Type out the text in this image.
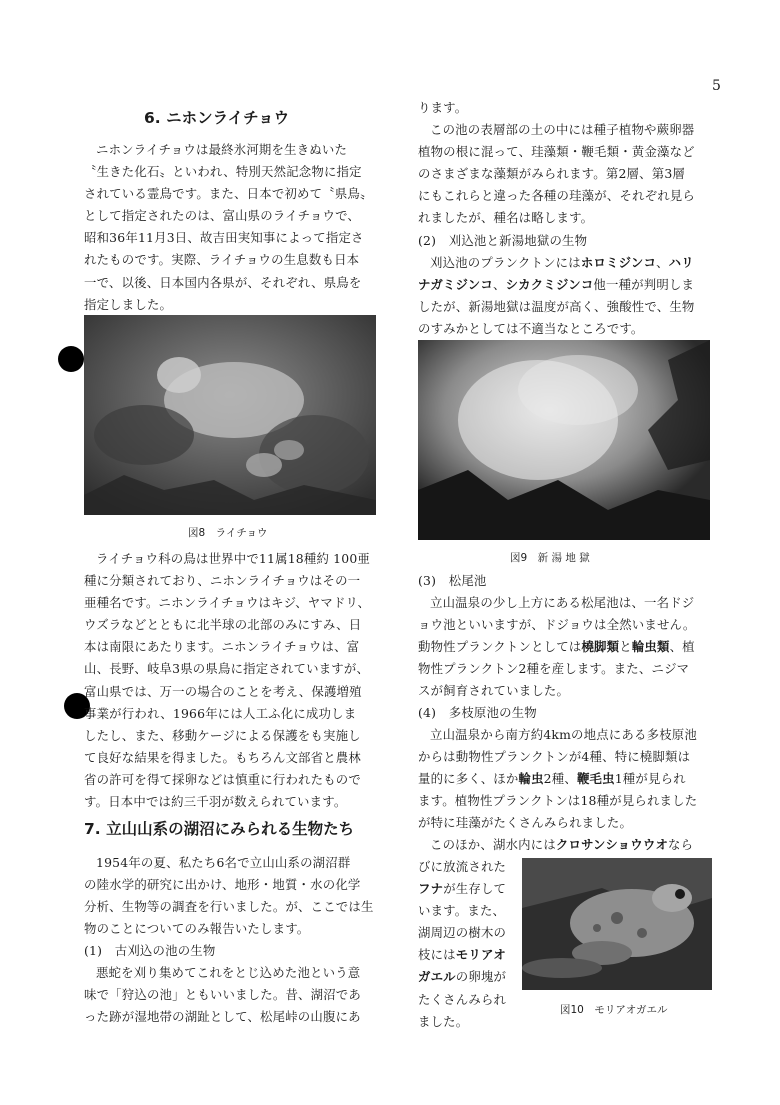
5
6. ニホンライチョウ
ニホンライチョウは最終氷河期を生きぬいた
〝生きた化石〟といわれ、特別天然記念物に指定
されている霊鳥です。また、日本で初めて〝県鳥〟
として指定されたのは、富山県のライチョウで、
昭和36年11月3日、故吉田実知事によって指定さ
れたものです。実際、ライチョウの生息数も日本
一で、以後、日本国内各県が、それぞれ、県鳥を
指定しました。
図8　ライチョウ
ライチョウ科の鳥は世界中で11属18種約 100亜
種に分類されており、ニホンライチョウはその一
亜種名です。ニホンライチョウはキジ、ヤマドリ、
ウズラなどとともに北半球の北部のみにすみ、日
本は南限にあたります。ニホンライチョウは、富
山、長野、岐阜3県の県鳥に指定されていますが、
富山県では、万一の場合のことを考え、保護増殖
事業が行われ、1966年には人工ふ化に成功しま
したし、また、移動ケージによる保護をも実施し
て良好な結果を得ました。もちろん文部省と農林
省の許可を得て採卵などは慎重に行われたもので
す。日本中では約三千羽が数えられています。
7. 立山山系の湖沼にみられる生物たち
1954年の夏、私たち6名で立山山系の湖沼群
の陸水学的研究に出かけ、地形・地質・水の化学
分析、生物等の調査を行いました。が、ここでは生
物のことについてのみ報告いたします。
(1)　古刈込の池の生物
悪蛇を刈り集めてこれをとじ込めた池という意
味で「狩込の池」ともいいました。昔、湖沼であ
った跡が湿地帯の湖趾として、松尾峠の山腹にあ
ります。
この池の表層部の土の中には種子植物や蕨卵器
植物の根に混って、珪藻類・鞭毛類・黄金藻など
のさまざまな藻類がみられます。第2層、第3層
にもこれらと違った各種の珪藻が、それぞれ見ら
れましたが、種名は略します。
(2)　刈込池と新湯地獄の生物
刈込池のプランクトンにはホロミジンコ、ハリ
ナガミジンコ、シカクミジンコ他一種が判明しま
したが、新湯地獄は温度が高く、強酸性で、生物
のすみかとしては不適当なところです。
図9　新 湯 地 獄
(3)　松尾池
立山温泉の少し上方にある松尾池は、一名ドジ
ョウ池といいますが、ドジョウは全然いません。
動物性プランクトンとしては橈脚類と輪虫類、植
物性プランクトン2種を産します。また、ニジマ
スが飼育されていました。
(4)　多枝原池の生物
立山温泉から南方約4kmの地点にある多枝原池
からは動物性プランクトンが4種、特に橈脚類は
量的に多く、ほか輪虫2種、鞭毛虫1種が見られ
ます。植物性プランクトンは18種が見られました
が特に珪藻がたくさんみられました。
このほか、湖水内にはクロサンショウウオなら
びに放流された
フナが生存して
います。また、
湖周辺の樹木の
枝にはモリアオ
ガエルの卵塊が
たくさんみられ
ました。
図10　モリアオガエル
